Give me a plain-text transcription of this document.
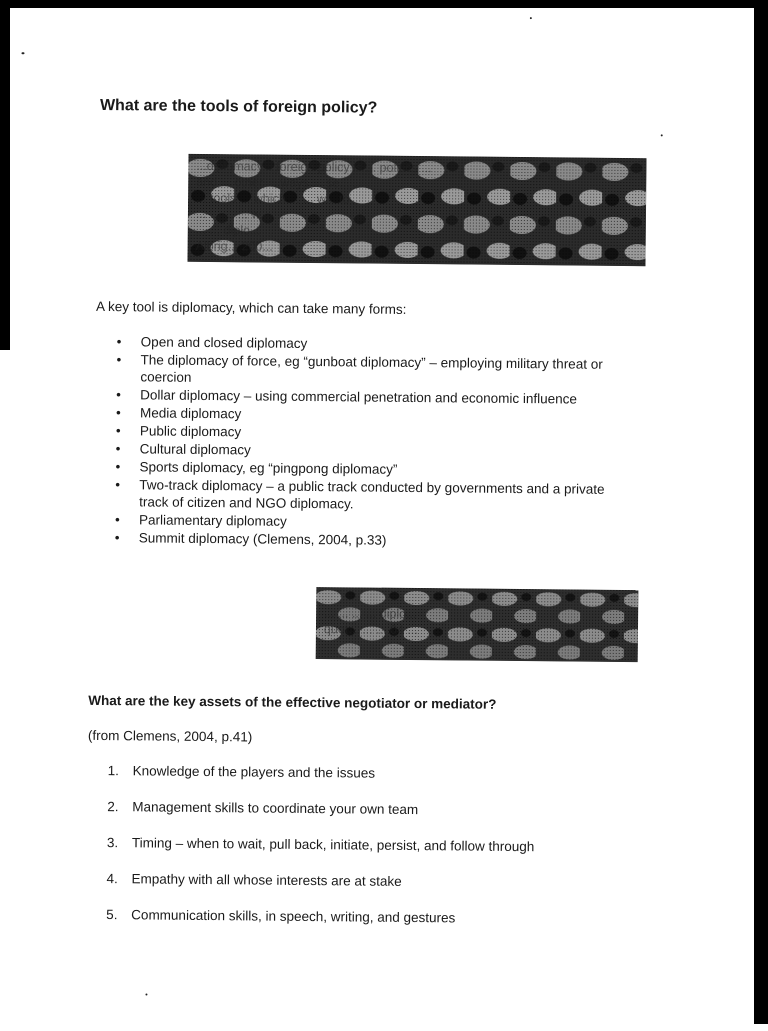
What are the tools of foreign policy?
...diplomacy... foreign policy is ... politics ...
and ... other ... ways ... se... ...
... tools ... which ... ... w... to
... ... ... ... w... ...
... ... diplo...
Albrig... 200...

A key tool is diplomacy, which can take many forms:

• Open and closed diplomacy
• The diplomacy of force, eg “gunboat diplomacy” – employing military threat or coercion
• Dollar diplomacy – using commercial penetration and economic influence
• Media diplomacy
• Public diplomacy
• Cultural diplomacy
• Sports diplomacy, eg “pingpong diplomacy”
• Two-track diplomacy – a public track conducted by governments and a private track of citizen and NGO diplomacy.
• Parliamentary diplomacy
• Summit diplomacy (Clemens, 2004, p.33)
... ... ... ... diplo...
quot... ... ... 04 ...
What are the key assets of the effective negotiator or mediator?

(from Clemens, 2004, p.41)

1. Knowledge of the players and the issues
2. Management skills to coordinate your own team
3. Timing – when to wait, pull back, initiate, persist, and follow through
4. Empathy with all whose interests are at stake
5. Communication skills, in speech, writing, and gestures
